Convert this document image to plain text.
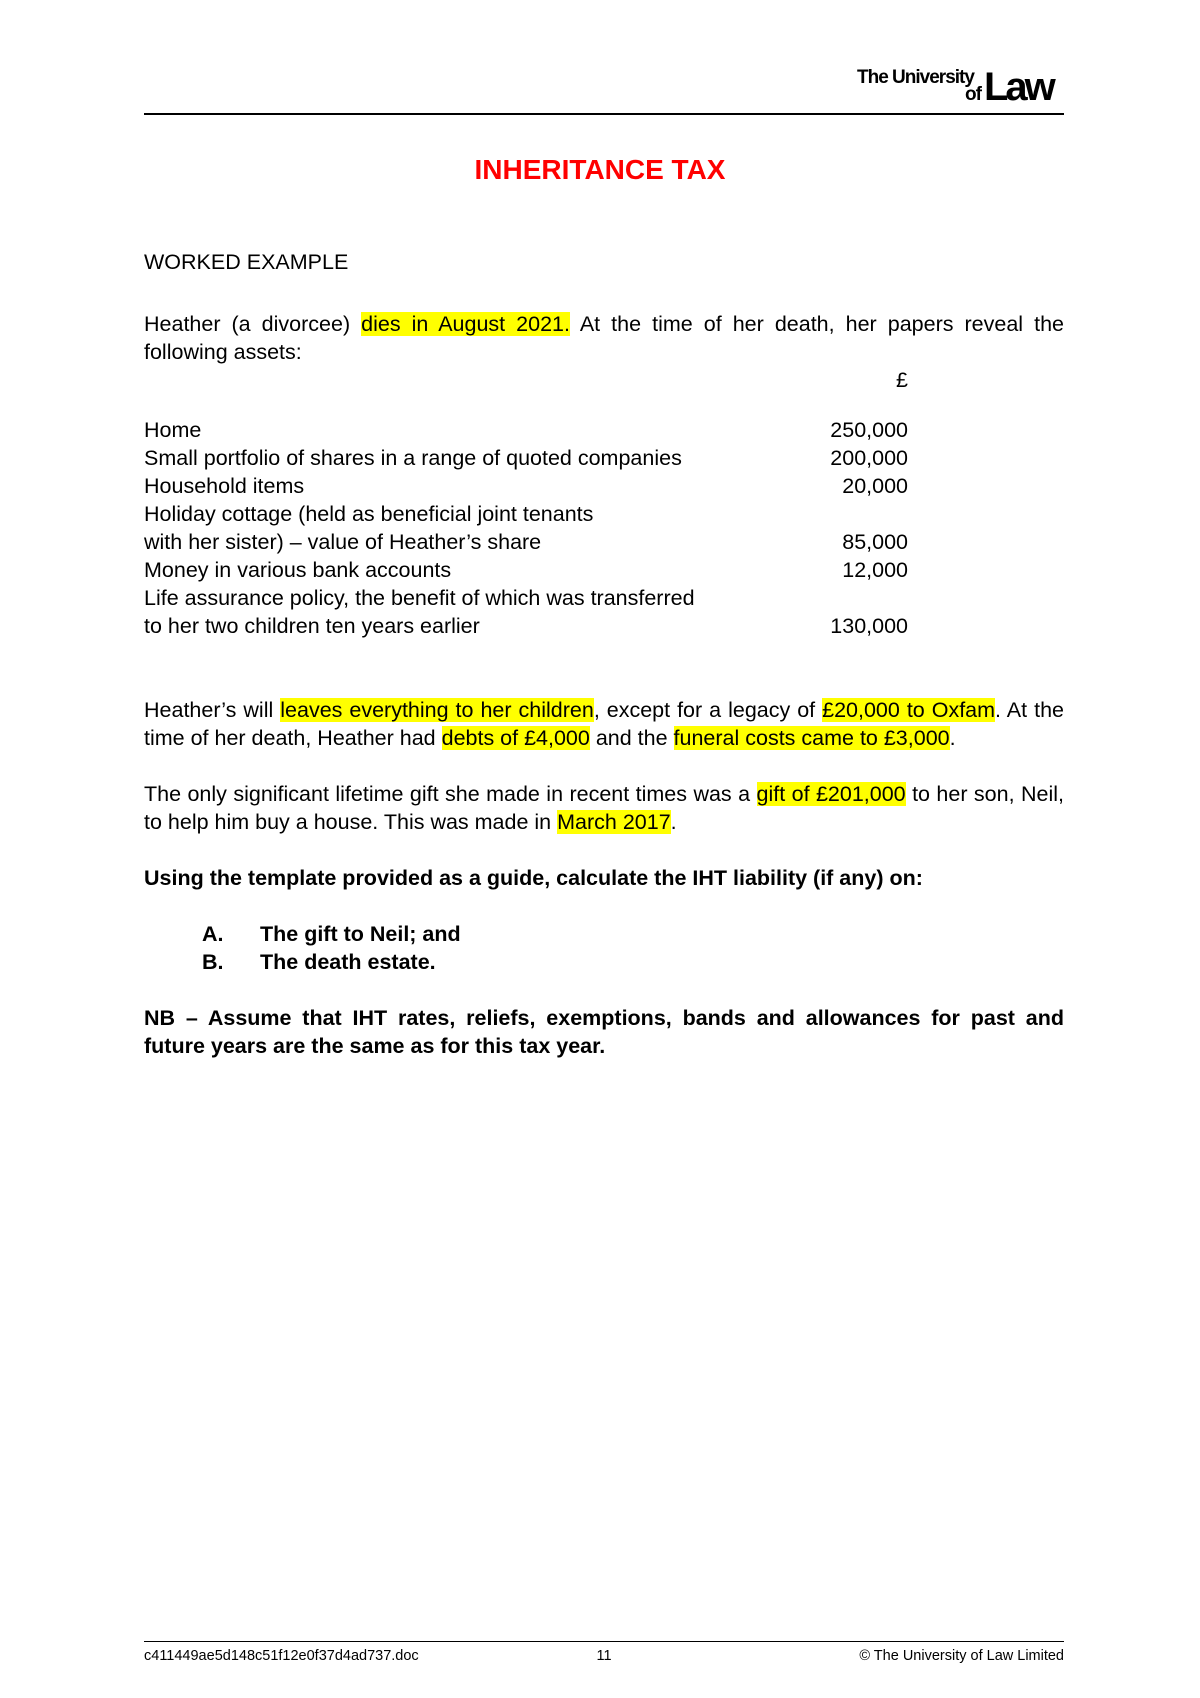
The University
of Law
INHERITANCE TAX
WORKED EXAMPLE

Heather (a divorcee) dies in August 2021. At the time of her death, her papers reveal the following assets:

£
Home	250,000
Small portfolio of shares in a range of quoted companies	200,000
Household items	20,000
Holiday cottage (held as beneficial joint tenants
with her sister) – value of Heather’s share	85,000
Money in various bank accounts	12,000
Life assurance policy, the benefit of which was transferred
to her two children ten years earlier	130,000

Heather’s will leaves everything to her children, except for a legacy of £20,000 to Oxfam. At the time of her death, Heather had debts of £4,000 and the funeral costs came to £3,000.

The only significant lifetime gift she made in recent times was a gift of £201,000 to her son, Neil, to help him buy a house. This was made in March 2017.

Using the template provided as a guide, calculate the IHT liability (if any) on:

A.	The gift to Neil; and
B.	The death estate.

NB – Assume that IHT rates, reliefs, exemptions, bands and allowances for past and future years are the same as for this tax year.

c411449ae5d148c51f12e0f37d4ad737.doc	11	© The University of Law Limited
